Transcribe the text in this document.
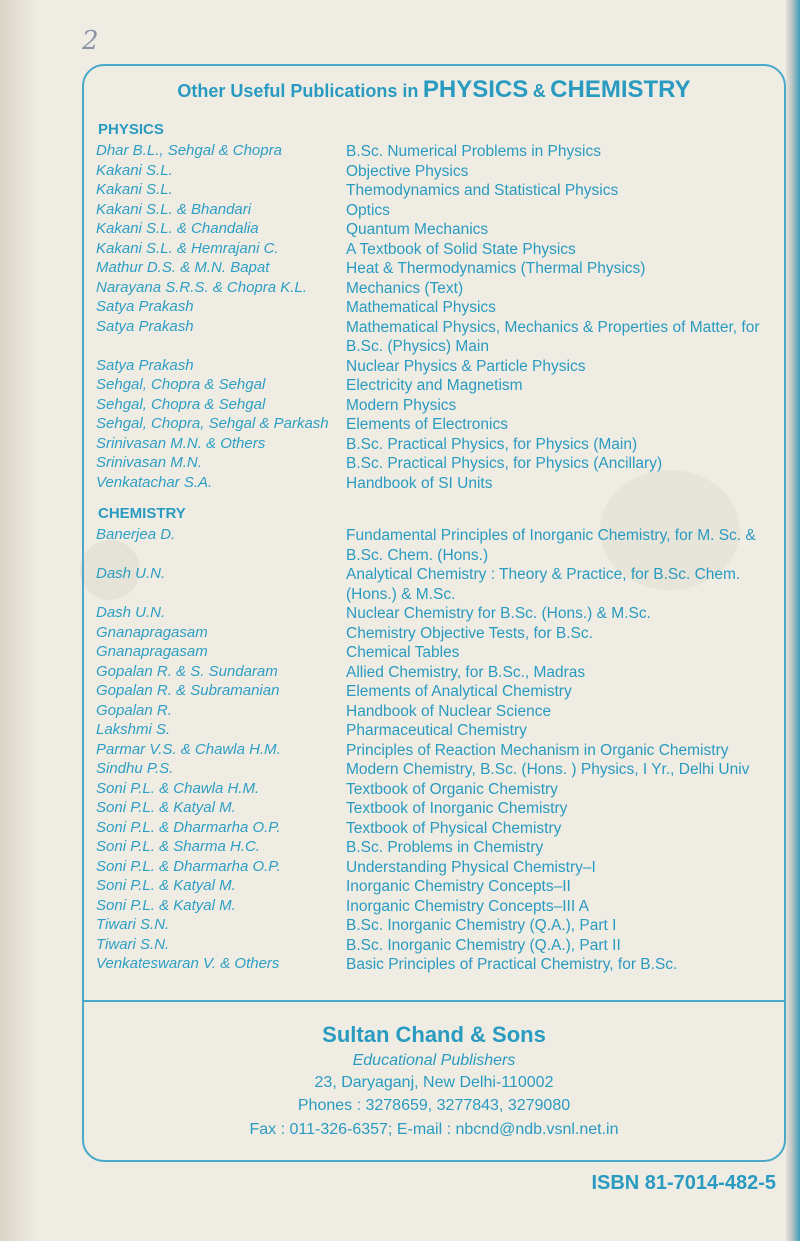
2
Other Useful Publications in PHYSICS & CHEMISTRY
PHYSICS
Dhar B.L., Sehgal & Chopra	B.Sc. Numerical Problems in Physics
Kakani S.L.	Objective Physics
Kakani S.L.	Themodynamics and Statistical Physics
Kakani S.L. & Bhandari	Optics
Kakani S.L. & Chandalia	Quantum Mechanics
Kakani S.L. & Hemrajani C.	A Textbook of Solid State Physics
Mathur D.S. & M.N. Bapat	Heat & Thermodynamics (Thermal Physics)
Narayana S.R.S. & Chopra K.L.	Mechanics (Text)
Satya Prakash	Mathematical Physics
Satya Prakash	Mathematical Physics, Mechanics & Properties of Matter, for B.Sc. (Physics) Main
Satya Prakash	Nuclear Physics & Particle Physics
Sehgal, Chopra & Sehgal	Electricity and Magnetism
Sehgal, Chopra & Sehgal	Modern Physics
Sehgal, Chopra, Sehgal & Parkash	Elements of Electronics
Srinivasan M.N. & Others	B.Sc. Practical Physics, for Physics (Main)
Srinivasan M.N.	B.Sc. Practical Physics, for Physics (Ancillary)
Venkatachar S.A.	Handbook of SI Units
CHEMISTRY
Banerjea D.	Fundamental Principles of Inorganic Chemistry, for M. Sc. & B.Sc. Chem. (Hons.)
Dash U.N.	Analytical Chemistry : Theory & Practice, for B.Sc. Chem. (Hons.) & M.Sc.
Dash U.N.	Nuclear Chemistry for B.Sc. (Hons.) & M.Sc.
Gnanapragasam	Chemistry Objective Tests, for B.Sc.
Gnanapragasam	Chemical Tables
Gopalan R. & S. Sundaram	Allied Chemistry, for B.Sc., Madras
Gopalan R. & Subramanian	Elements of Analytical Chemistry
Gopalan R.	Handbook of Nuclear Science
Lakshmi S.	Pharmaceutical Chemistry
Parmar V.S. & Chawla H.M.	Principles of Reaction Mechanism in Organic Chemistry
Sindhu P.S.	Modern Chemistry, B.Sc. (Hons. ) Physics, I Yr., Delhi Univ
Soni P.L. & Chawla H.M.	Textbook of Organic Chemistry
Soni P.L. & Katyal M.	Textbook of Inorganic Chemistry
Soni P.L. & Dharmarha O.P.	Textbook of Physical Chemistry
Soni P.L. & Sharma H.C.	B.Sc. Problems in Chemistry
Soni P.L. & Dharmarha O.P.	Understanding Physical Chemistry–I
Soni P.L. & Katyal M.	Inorganic Chemistry Concepts–II
Soni P.L. & Katyal M.	Inorganic Chemistry Concepts–III A
Tiwari S.N.	B.Sc. Inorganic Chemistry (Q.A.), Part I
Tiwari S.N.	B.Sc. Inorganic Chemistry (Q.A.), Part II
Venkateswaran V. & Others	Basic Principles of Practical Chemistry, for B.Sc.
Sultan Chand & Sons
Educational Publishers
23, Daryaganj, New Delhi-110002
Phones : 3278659, 3277843, 3279080
Fax : 011-326-6357; E-mail : nbcnd@ndb.vsnl.net.in
ISBN 81-7014-482-5
